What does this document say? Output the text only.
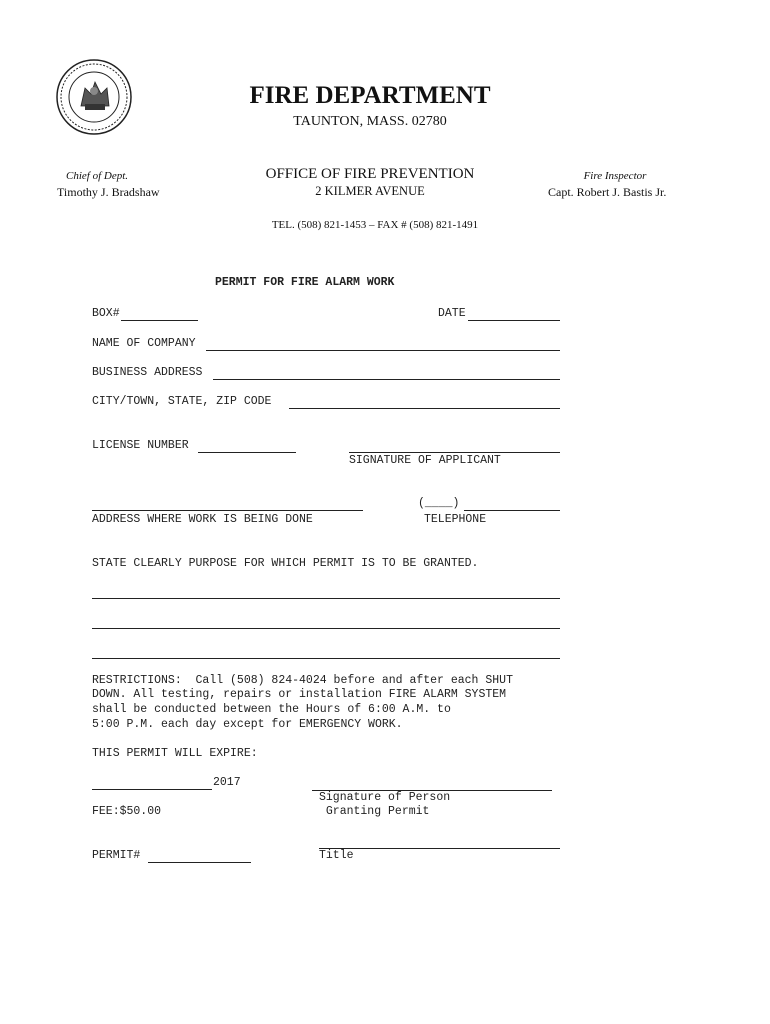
FIRE DEPARTMENT
TAUNTON, MASS. 02780
Chief of Dept.
Timothy J. Bradshaw
OFFICE OF FIRE PREVENTION
2 KILMER AVENUE
Fire Inspector
Capt. Robert J. Bastis Jr.
TEL. (508) 821-1453 – FAX # (508) 821-1491
PERMIT FOR FIRE ALARM WORK
BOX#	DATE
NAME OF COMPANY
BUSINESS ADDRESS
CITY/TOWN, STATE, ZIP CODE
LICENSE NUMBER
SIGNATURE OF APPLICANT
ADDRESS WHERE WORK IS BEING DONE
(____)
TELEPHONE
STATE CLEARLY PURPOSE FOR WHICH PERMIT IS TO BE GRANTED.
RESTRICTIONS:  Call (508) 824-4024 before and after each SHUT
DOWN. All testing, repairs or installation FIRE ALARM SYSTEM
shall be conducted between the Hours of 6:00 A.M. to
5:00 P.M. each day except for EMERGENCY WORK.
THIS PERMIT WILL EXPIRE:
2017
Signature of Person
Granting Permit
FEE:$50.00
PERMIT#	Title
